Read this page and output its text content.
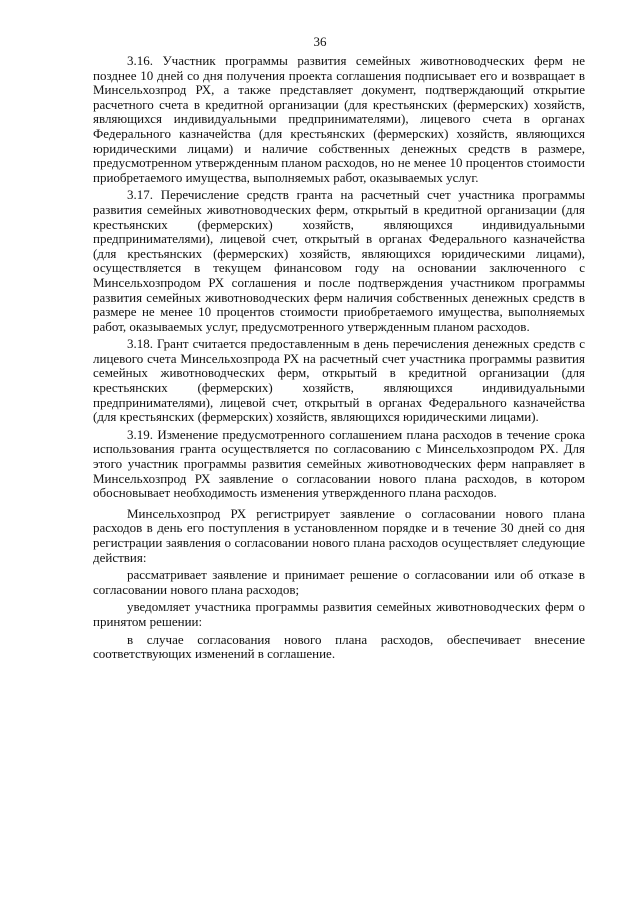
36

3.16. Участник программы развития семейных животноводческих ферм не позднее 10 дней со дня получения проекта соглашения подписывает его и возвращает в Минсельхозпрод РХ, а также представляет документ, подтверждающий открытие расчетного счета в кредитной организации (для крестьянских (фермерских) хозяйств, являющихся индивидуальными предпринимателями), лицевого счета в органах Федерального казначейства (для крестьянских (фермерских) хозяйств, являющихся юридическими лицами) и наличие собственных денежных средств в размере, предусмотренном утвержденным планом расходов, но не менее 10 процентов стоимости приобретаемого имущества, выполняемых работ, оказываемых услуг.

3.17. Перечисление средств гранта на расчетный счет участника программы развития семейных животноводческих ферм, открытый в кредитной организации (для крестьянских (фермерских) хозяйств, являющихся индивидуальными предпринимателями), лицевой счет, открытый в органах Федерального казначейства (для крестьянских (фермерских) хозяйств, являющихся юридическими лицами), осуществляется в текущем финансовом году на основании заключенного с Минсельхозпродом РХ соглашения и после подтверждения участником программы развития семейных животноводческих ферм наличия собственных денежных средств в размере не менее 10 процентов стоимости приобретаемого имущества, выполняемых работ, оказываемых услуг, предусмотренного утвержденным планом расходов.

3.18. Грант считается предоставленным в день перечисления денежных средств с лицевого счета Минсельхозпрода РХ на расчетный счет участника программы развития семейных животноводческих ферм, открытый в кредитной организации (для крестьянских (фермерских) хозяйств, являющихся индивидуальными предпринимателями), лицевой счет, открытый в органах Федерального казначейства (для крестьянских (фермерских) хозяйств, являющихся юридическими лицами).

3.19. Изменение предусмотренного соглашением плана расходов в течение срока использования гранта осуществляется по согласованию с Минсельхозпродом РХ. Для этого участник программы развития семейных животноводческих ферм направляет в Минсельхозпрод РХ заявление о согласовании нового плана расходов, в котором обосновывает необходимость изменения утвержденного плана расходов.

Минсельхозпрод РХ регистрирует заявление о согласовании нового плана расходов в день его поступления в установленном порядке и в течение 30 дней со дня регистрации заявления о согласовании нового плана расходов осуществляет следующие действия:

рассматривает заявление и принимает решение о согласовании или об отказе в согласовании нового плана расходов;

уведомляет участника программы развития семейных животноводческих ферм о принятом решении:

в случае согласования нового плана расходов, обеспечивает внесение соответствующих изменений в соглашение.
